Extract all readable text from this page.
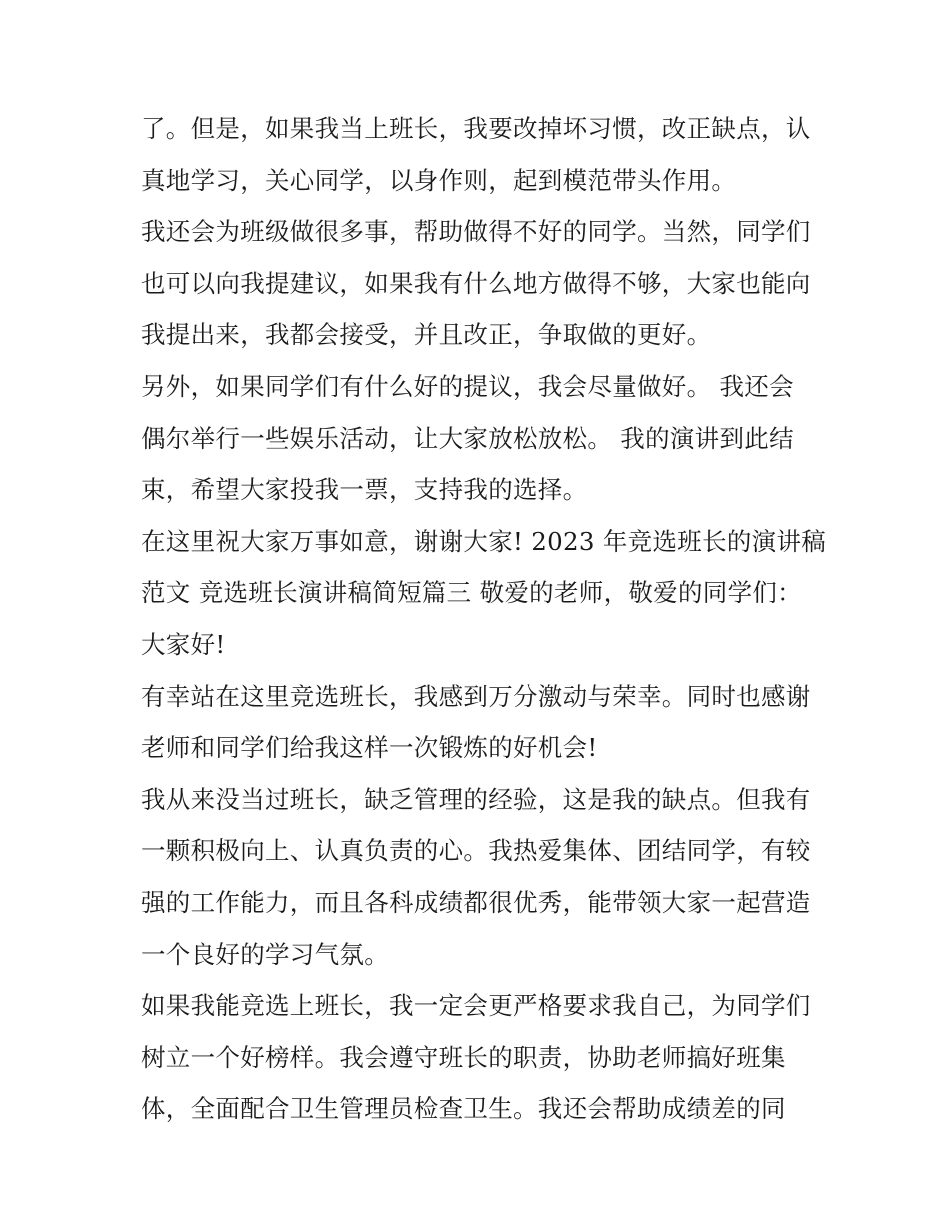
了。但是，如果我当上班长，我要改掉坏习惯，改正缺点，认
真地学习，关心同学，以身作则，起到模范带头作用。
我还会为班级做很多事，帮助做得不好的同学。当然，同学们
也可以向我提建议，如果我有什么地方做得不够，大家也能向
我提出来，我都会接受，并且改正，争取做的更好。
另外，如果同学们有什么好的提议，我会尽量做好。 我还会
偶尔举行一些娱乐活动，让大家放松放松。 我的演讲到此结
束，希望大家投我一票，支持我的选择。
在这里祝大家万事如意，谢谢大家! 2023 年竞选班长的演讲稿
范文 竞选班长演讲稿简短篇三 敬爱的老师，敬爱的同学们：
大家好!
有幸站在这里竞选班长，我感到万分激动与荣幸。同时也感谢
老师和同学们给我这样一次锻炼的好机会!
我从来没当过班长，缺乏管理的经验，这是我的缺点。但我有
一颗积极向上、认真负责的心。我热爱集体、团结同学，有较
强的工作能力，而且各科成绩都很优秀，能带领大家一起营造
一个良好的学习气氛。
如果我能竞选上班长，我一定会更严格要求我自己，为同学们
树立一个好榜样。我会遵守班长的职责，协助老师搞好班集
体，全面配合卫生管理员检查卫生。我还会帮助成绩差的同
